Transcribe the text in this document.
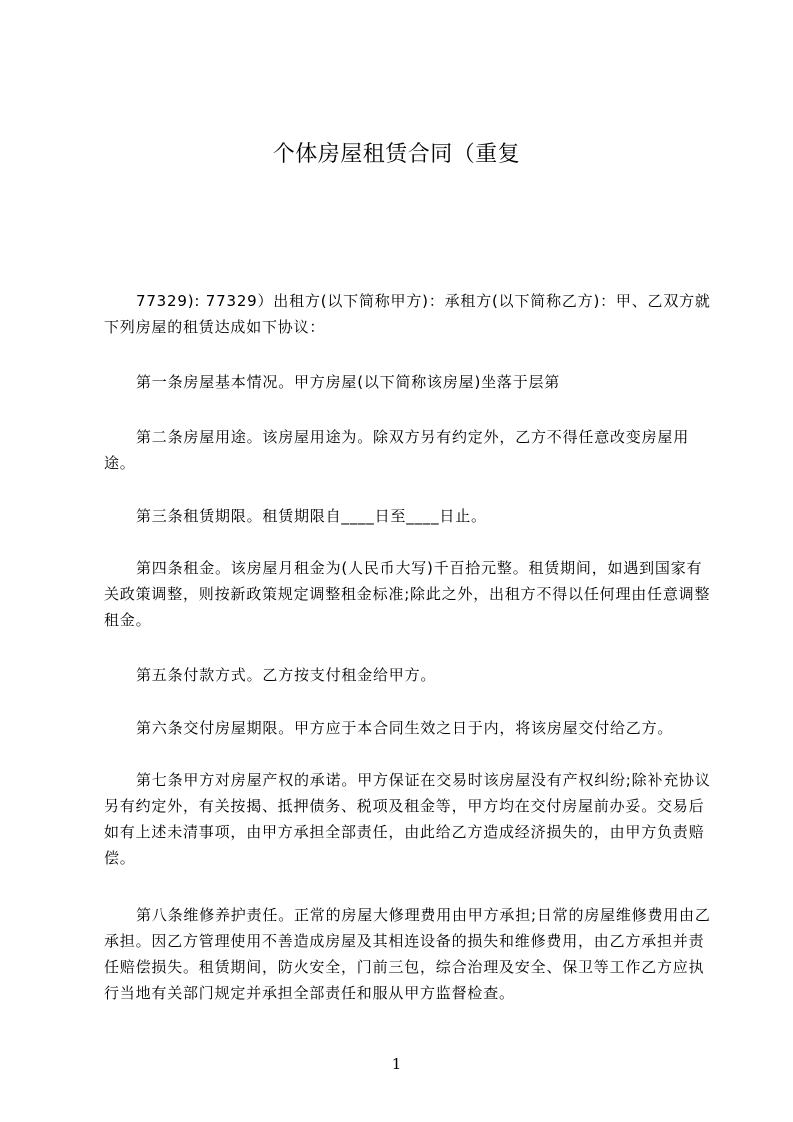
个体房屋租赁合同（重复
77329): 77329）出租方(以下简称甲方)：承租方(以下简称乙方)：甲、乙双方就下列房屋的租赁达成如下协议：
第一条房屋基本情况。甲方房屋(以下简称该房屋)坐落于层第
第二条房屋用途。该房屋用途为。除双方另有约定外，乙方不得任意改变房屋用途。
第三条租赁期限。租赁期限自____日至____日止。
第四条租金。该房屋月租金为(人民币大写)千百拾元整。租赁期间，如遇到国家有关政策调整，则按新政策规定调整租金标准;除此之外，出租方不得以任何理由任意调整租金。
第五条付款方式。乙方按支付租金给甲方。
第六条交付房屋期限。甲方应于本合同生效之日于内，将该房屋交付给乙方。
第七条甲方对房屋产权的承诺。甲方保证在交易时该房屋没有产权纠纷;除补充协议另有约定外，有关按揭、抵押债务、税项及租金等，甲方均在交付房屋前办妥。交易后如有上述未清事项，由甲方承担全部责任，由此给乙方造成经济损失的，由甲方负责赔偿。
第八条维修养护责任。正常的房屋大修理费用由甲方承担;日常的房屋维修费用由乙承担。因乙方管理使用不善造成房屋及其相连设备的损失和维修费用，由乙方承担并责任赔偿损失。租赁期间，防火安全，门前三包，综合治理及安全、保卫等工作乙方应执行当地有关部门规定并承担全部责任和服从甲方监督检查。
1
